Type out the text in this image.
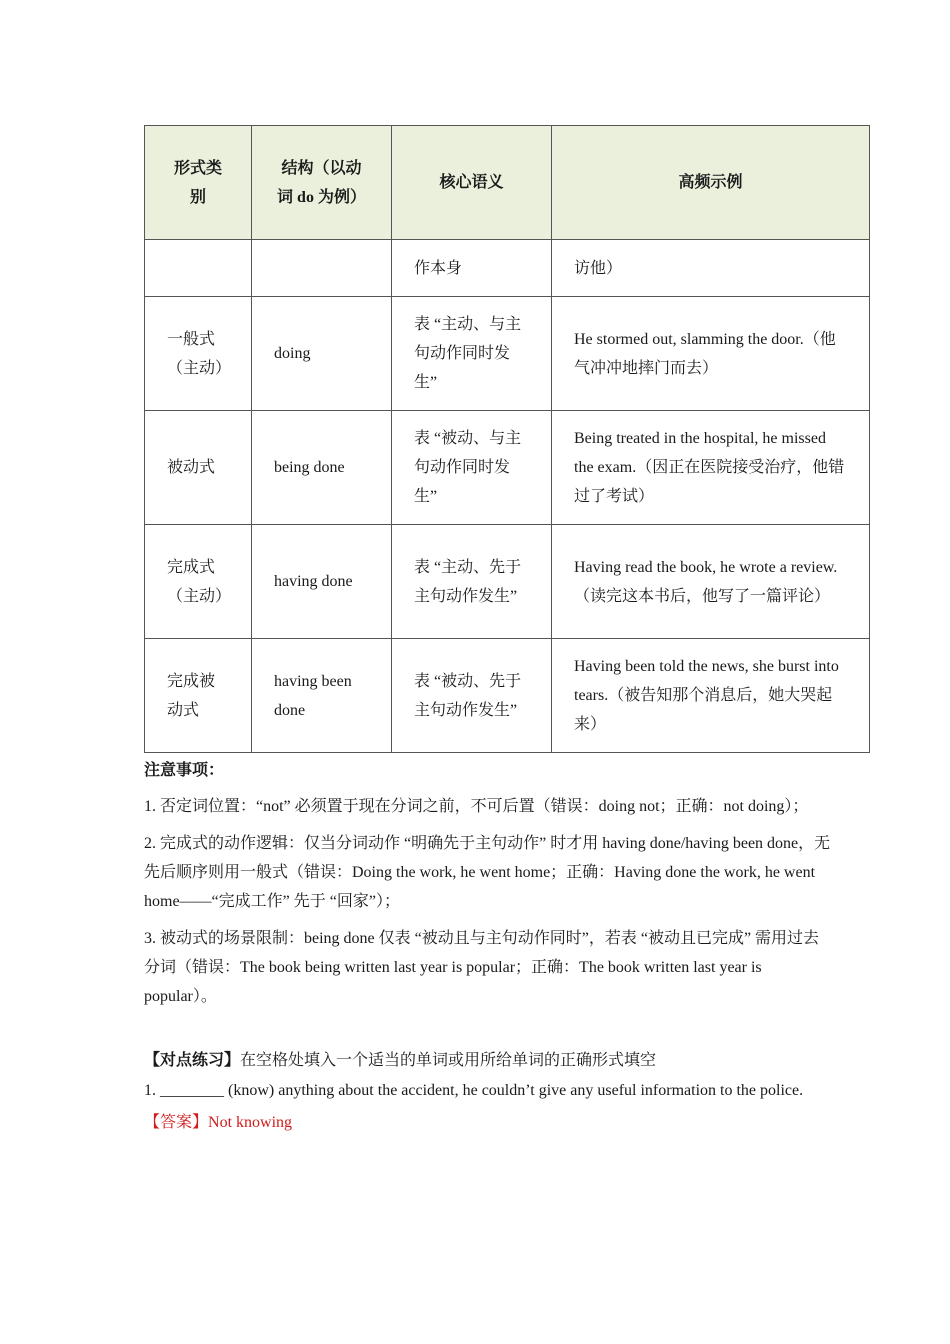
形式类别	结构（以动词 do 为例）	核心语义	高频示例
		作本身	访他）
一般式（主动）	doing	表 “主动、与主句动作同时发生”	He stormed out, slamming the door.（他气冲冲地摔门而去）
被动式	being done	表 “被动、与主句动作同时发生”	Being treated in the hospital, he missed the exam.（因正在医院接受治疗，他错过了考试）
完成式（主动）	having done	表 “主动、先于主句动作发生”	Having read the book, he wrote a review.（读完这本书后，他写了一篇评论）
完成被动式	having been done	表 “被动、先于主句动作发生”	Having been told the news, she burst into tears.（被告知那个消息后，她大哭起来）

注意事项：

1. 否定词位置：“not” 必须置于现在分词之前，不可后置（错误：doing not；正确：not doing）；

2. 完成式的动作逻辑：仅当分词动作 “明确先于主句动作” 时才用 having done/having been done，无先后顺序则用一般式（错误：Doing the work, he went home；正确：Having done the work, he went home——“完成工作” 先于 “回家”）；

3. 被动式的场景限制：being done 仅表 “被动且与主句动作同时”，若表 “被动且已完成” 需用过去分词（错误：The book being written last year is popular；正确：The book written last year is popular）。

【对点练习】在空格处填入一个适当的单词或用所给单词的正确形式填空

1. ________ (know) anything about the accident, he couldn’t give any useful information to the police.

【答案】Not knowing
